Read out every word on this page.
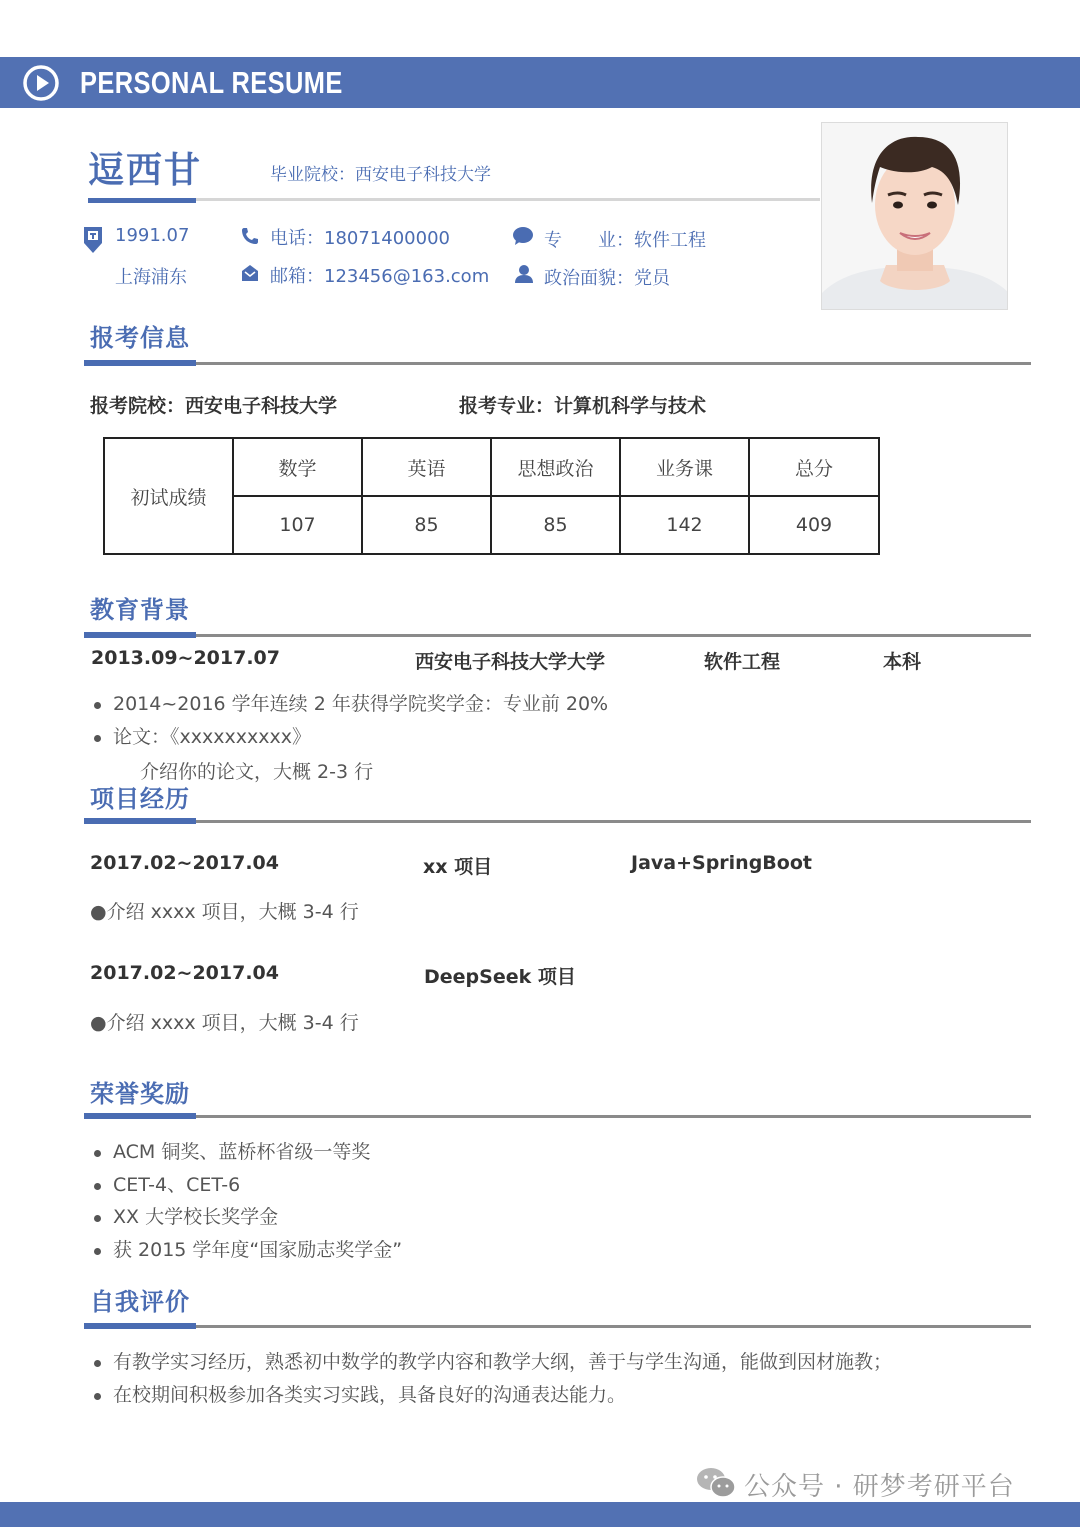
PERSONAL RESUME
逗西甘	毕业院校：西安电子科技大学
1991.07
上海浦东
电话：18071400000
邮箱：123456@163.com
专　　业：软件工程
政治面貌：党员
报考信息
报考院校：西安电子科技大学	报考专业：计算机科学与技术
初试成绩	数学	英语	思想政治	业务课	总分
	107	85	85	142	409
教育背景
2013.09~2017.07	西安电子科技大学大学	软件工程	本科
2014~2016 学年连续 2 年获得学院奖学金：专业前 20%
论文：《xxxxxxxxxx》
介绍你的论文，大概 2-3 行
项目经历
2017.02~2017.04	xx 项目	Java+SpringBoot
●介绍 xxxx 项目，大概 3-4 行
2017.02~2017.04	DeepSeek 项目
●介绍 xxxx 项目，大概 3-4 行
荣誉奖励
ACM 铜奖、蓝桥杯省级一等奖
CET-4、CET-6
XX 大学校长奖学金
获 2015 学年度“国家励志奖学金”
自我评价
有教学实习经历，熟悉初中数学的教学内容和教学大纲，善于与学生沟通，能做到因材施教；
在校期间积极参加各类实习实践，具备良好的沟通表达能力。
公众号 · 研梦考研平台
